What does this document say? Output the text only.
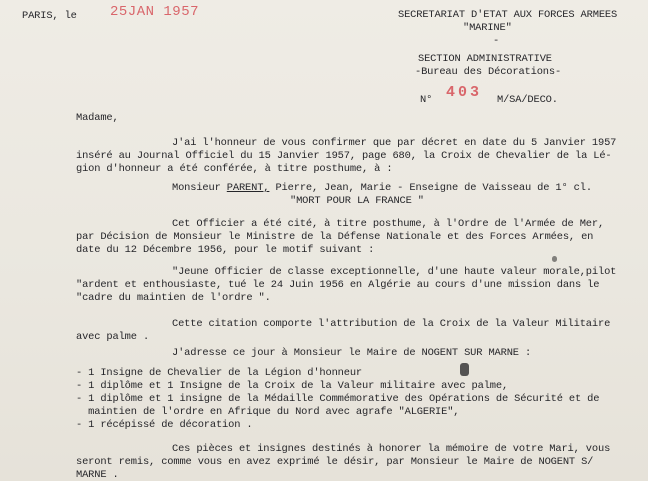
PARIS, le 25JAN 1957	SECRETARIAT D'ETAT AUX FORCES ARMEES
"MARINE"
-
SECTION ADMINISTRATIVE
-Bureau des Décorations-
N° 403 M/SA/DECO.
Madame,
J'ai l'honneur de vous confirmer que par décret en date du 5 Janvier 1957
inséré au Journal Officiel du 15 Janvier 1957, page 680, la Croix de Chevalier de la Lé-
gion d'honneur a été conférée, à titre posthume, à :
Monsieur PARENT, Pierre, Jean, Marie - Enseigne de Vaisseau de 1° cl.
"MORT POUR LA FRANCE "
Cet Officier a été cité, à titre posthume, à l'Ordre de l'Armée de Mer,
par Décision de Monsieur le Ministre de la Défense Nationale et des Forces Armées, en
date du 12 Décembre 1956, pour le motif suivant :
"Jeune Officier de classe exceptionnelle, d'une haute valeur morale,pilot
"ardent et enthousiaste, tué le 24 Juin 1956 en Algérie au cours d'une mission dans le
"cadre du maintien de l'ordre ".
Cette citation comporte l'attribution de la Croix de la Valeur Militaire
avec palme .
J'adresse ce jour à Monsieur le Maire de NOGENT SUR MARNE :
- 1 Insigne de Chevalier de la Légion d'honneur
- 1 diplôme et 1 Insigne de la Croix de la Valeur militaire avec palme,
- 1 diplôme et 1 insigne de la Médaille Commémorative des Opérations de Sécurité et de
maintien de l'ordre en Afrique du Nord avec agrafe "ALGERIE",
- 1 récépissé de décoration .
Ces pièces et insignes destinés à honorer la mémoire de votre Mari, vous
seront remis, comme vous en avez exprimé le désir, par Monsieur le Maire de NOGENT S/
MARNE .
